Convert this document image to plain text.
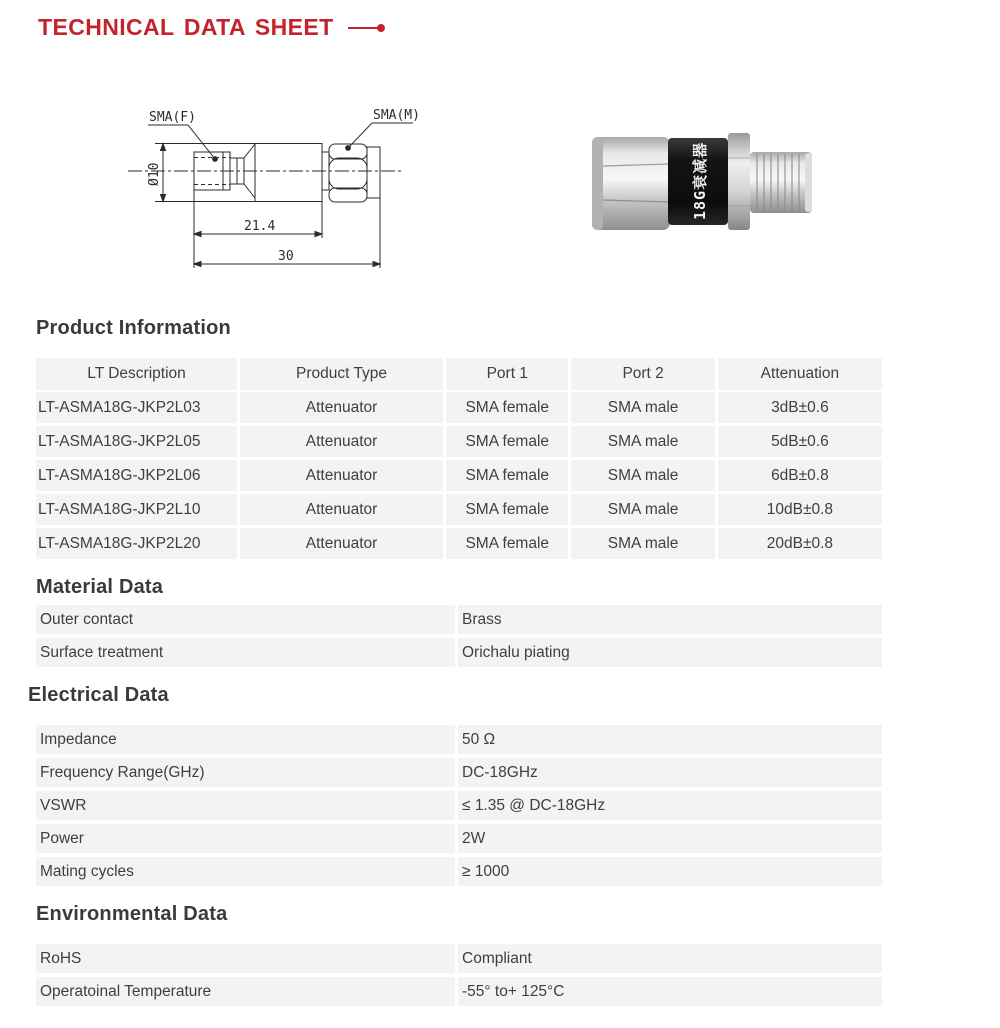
TECHNICAL DATA SHEET
SMA(F)	SMA(M)
Ø10
21.4
30
18G衰减器
Product Information
LT Description	Product Type	Port 1	Port 2	Attenuation
LT-ASMA18G-JKP2L03	Attenuator	SMA female	SMA male	3dB±0.6
LT-ASMA18G-JKP2L05	Attenuator	SMA female	SMA male	5dB±0.6
LT-ASMA18G-JKP2L06	Attenuator	SMA female	SMA male	6dB±0.8
LT-ASMA18G-JKP2L10	Attenuator	SMA female	SMA male	10dB±0.8
LT-ASMA18G-JKP2L20	Attenuator	SMA female	SMA male	20dB±0.8
Material Data
Outer contact	Brass
Surface treatment	Orichalu piating
Electrical Data
Impedance	50 Ω
Frequency Range(GHz)	DC-18GHz
VSWR	≤ 1.35 @ DC-18GHz
Power	2W
Mating cycles	≥ 1000
Environmental Data
RoHS	Compliant
Operatoinal Temperature	-55° to+ 125°C
